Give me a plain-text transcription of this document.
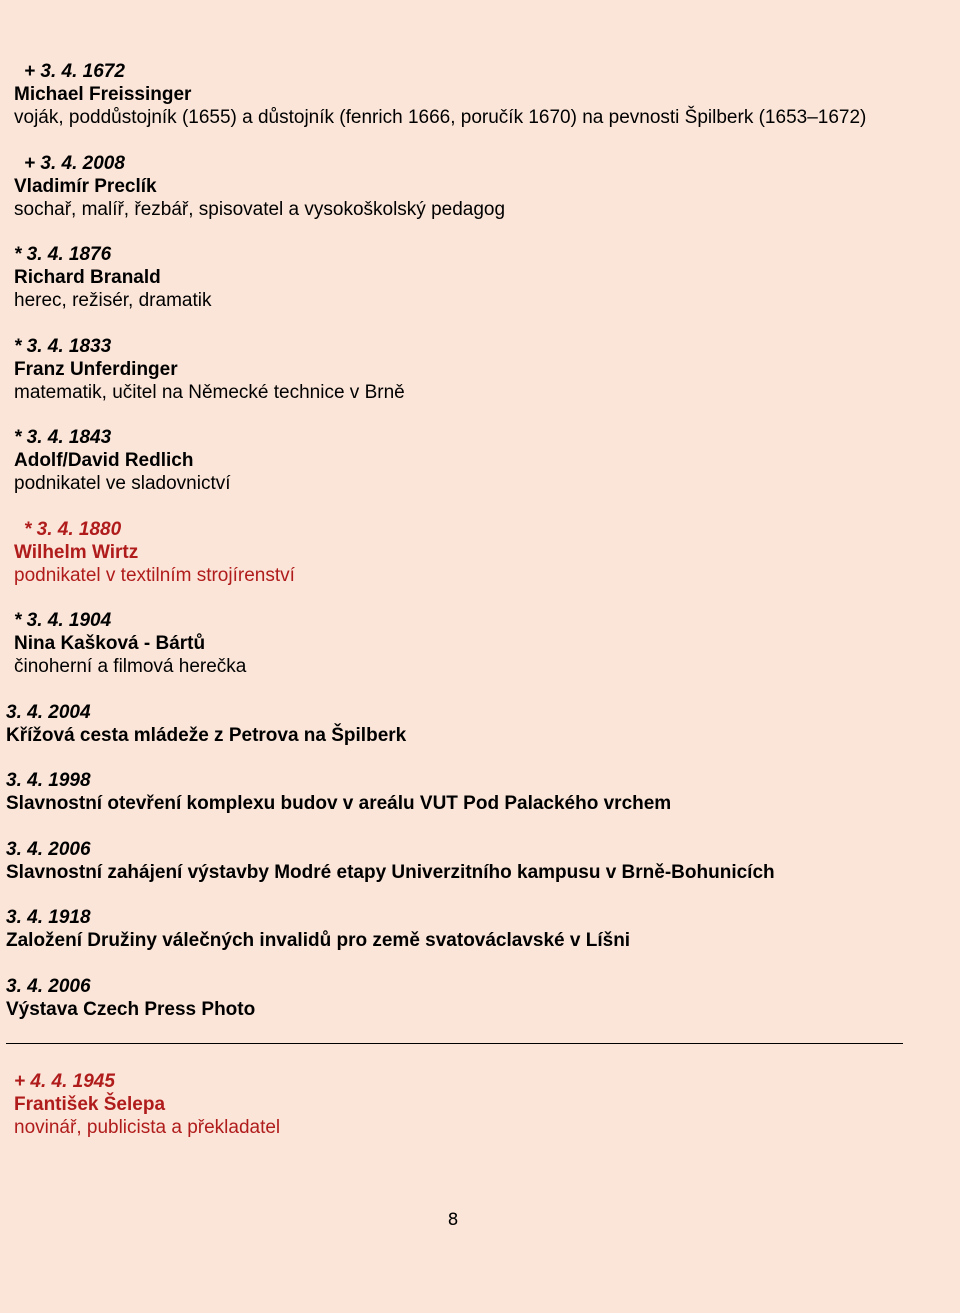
+ 3. 4. 1672
Michael Freissinger
voják, poddůstojník (1655) a důstojník (fenrich 1666, poručík 1670) na pevnosti Špilberk (1653–1672)
+ 3. 4. 2008
Vladimír Preclík
sochař, malíř, řezbář, spisovatel a vysokoškolský pedagog
* 3. 4. 1876
Richard Branald
herec, režisér, dramatik
* 3. 4. 1833
Franz Unferdinger
matematik, učitel na Německé technice v Brně
* 3. 4. 1843
Adolf/David Redlich
podnikatel ve sladovnictví
* 3. 4. 1880
Wilhelm Wirtz
podnikatel v textilním strojírenství
* 3. 4. 1904
Nina Kašková - Bártů
činoherní a filmová herečka
3. 4. 2004
Křížová cesta mládeže z Petrova na Špilberk
3. 4. 1998
Slavnostní otevření komplexu budov v areálu VUT Pod Palackého vrchem
3. 4. 2006
Slavnostní zahájení výstavby Modré etapy Univerzitního kampusu v Brně-Bohunicích
3. 4. 1918
Založení Družiny válečných invalidů pro země svatováclavské v Líšni
3. 4. 2006
Výstava Czech Press Photo
+ 4. 4. 1945
František Šelepa
novinář, publicista a překladatel
8
